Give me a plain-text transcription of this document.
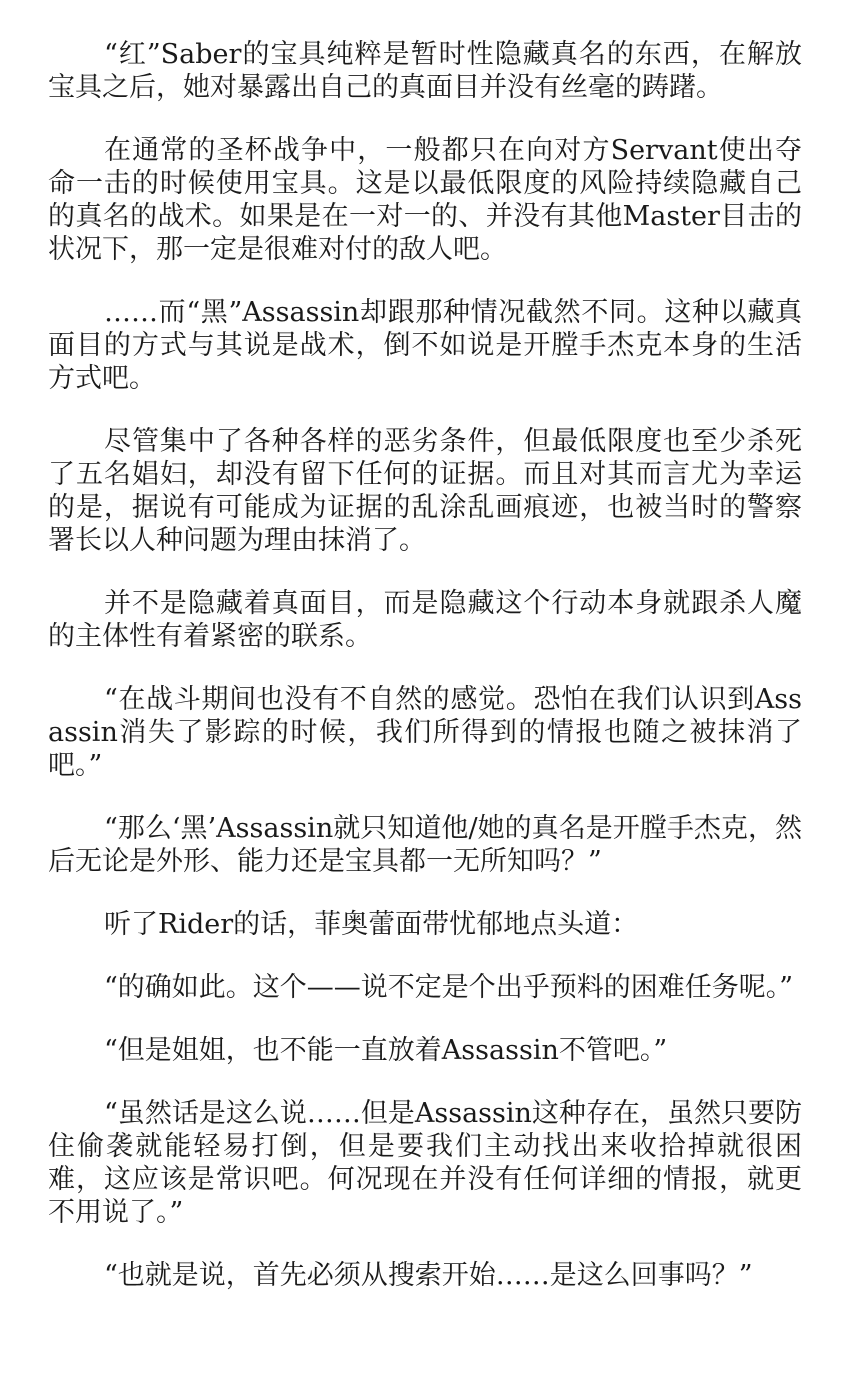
“红”Saber的宝具纯粹是暂时性隐藏真名的东西，在解放宝具之后，她对暴露出自己的真面目并没有丝毫的踌躇。

在通常的圣杯战争中，一般都只在向对方Servant使出夺命一击的时候使用宝具。这是以最低限度的风险持续隐藏自己的真名的战术。如果是在一对一的、并没有其他Master目击的状况下，那一定是很难对付的敌人吧。

……而“黑”Assassin却跟那种情况截然不同。这种以藏真面目的方式与其说是战术，倒不如说是开膛手杰克本身的生活方式吧。

尽管集中了各种各样的恶劣条件，但最低限度也至少杀死了五名娼妇，却没有留下任何的证据。而且对其而言尤为幸运的是，据说有可能成为证据的乱涂乱画痕迹，也被当时的警察署长以人种问题为理由抹消了。

并不是隐藏着真面目，而是隐藏这个行动本身就跟杀人魔的主体性有着紧密的联系。

“在战斗期间也没有不自然的感觉。恐怕在我们认识到Assassin消失了影踪的时候，我们所得到的情报也随之被抹消了吧。”

“那么‘黑’Assassin就只知道他/她的真名是开膛手杰克，然后无论是外形、能力还是宝具都一无所知吗？”

听了Rider的话，菲奥蕾面带忧郁地点头道：

“的确如此。这个——说不定是个出乎预料的困难任务呢。”

“但是姐姐，也不能一直放着Assassin不管吧。”

“虽然话是这么说……但是Assassin这种存在，虽然只要防住偷袭就能轻易打倒，但是要我们主动找出来收拾掉就很困难，这应该是常识吧。何况现在并没有任何详细的情报，就更不用说了。”

“也就是说，首先必须从搜索开始……是这么回事吗？”
